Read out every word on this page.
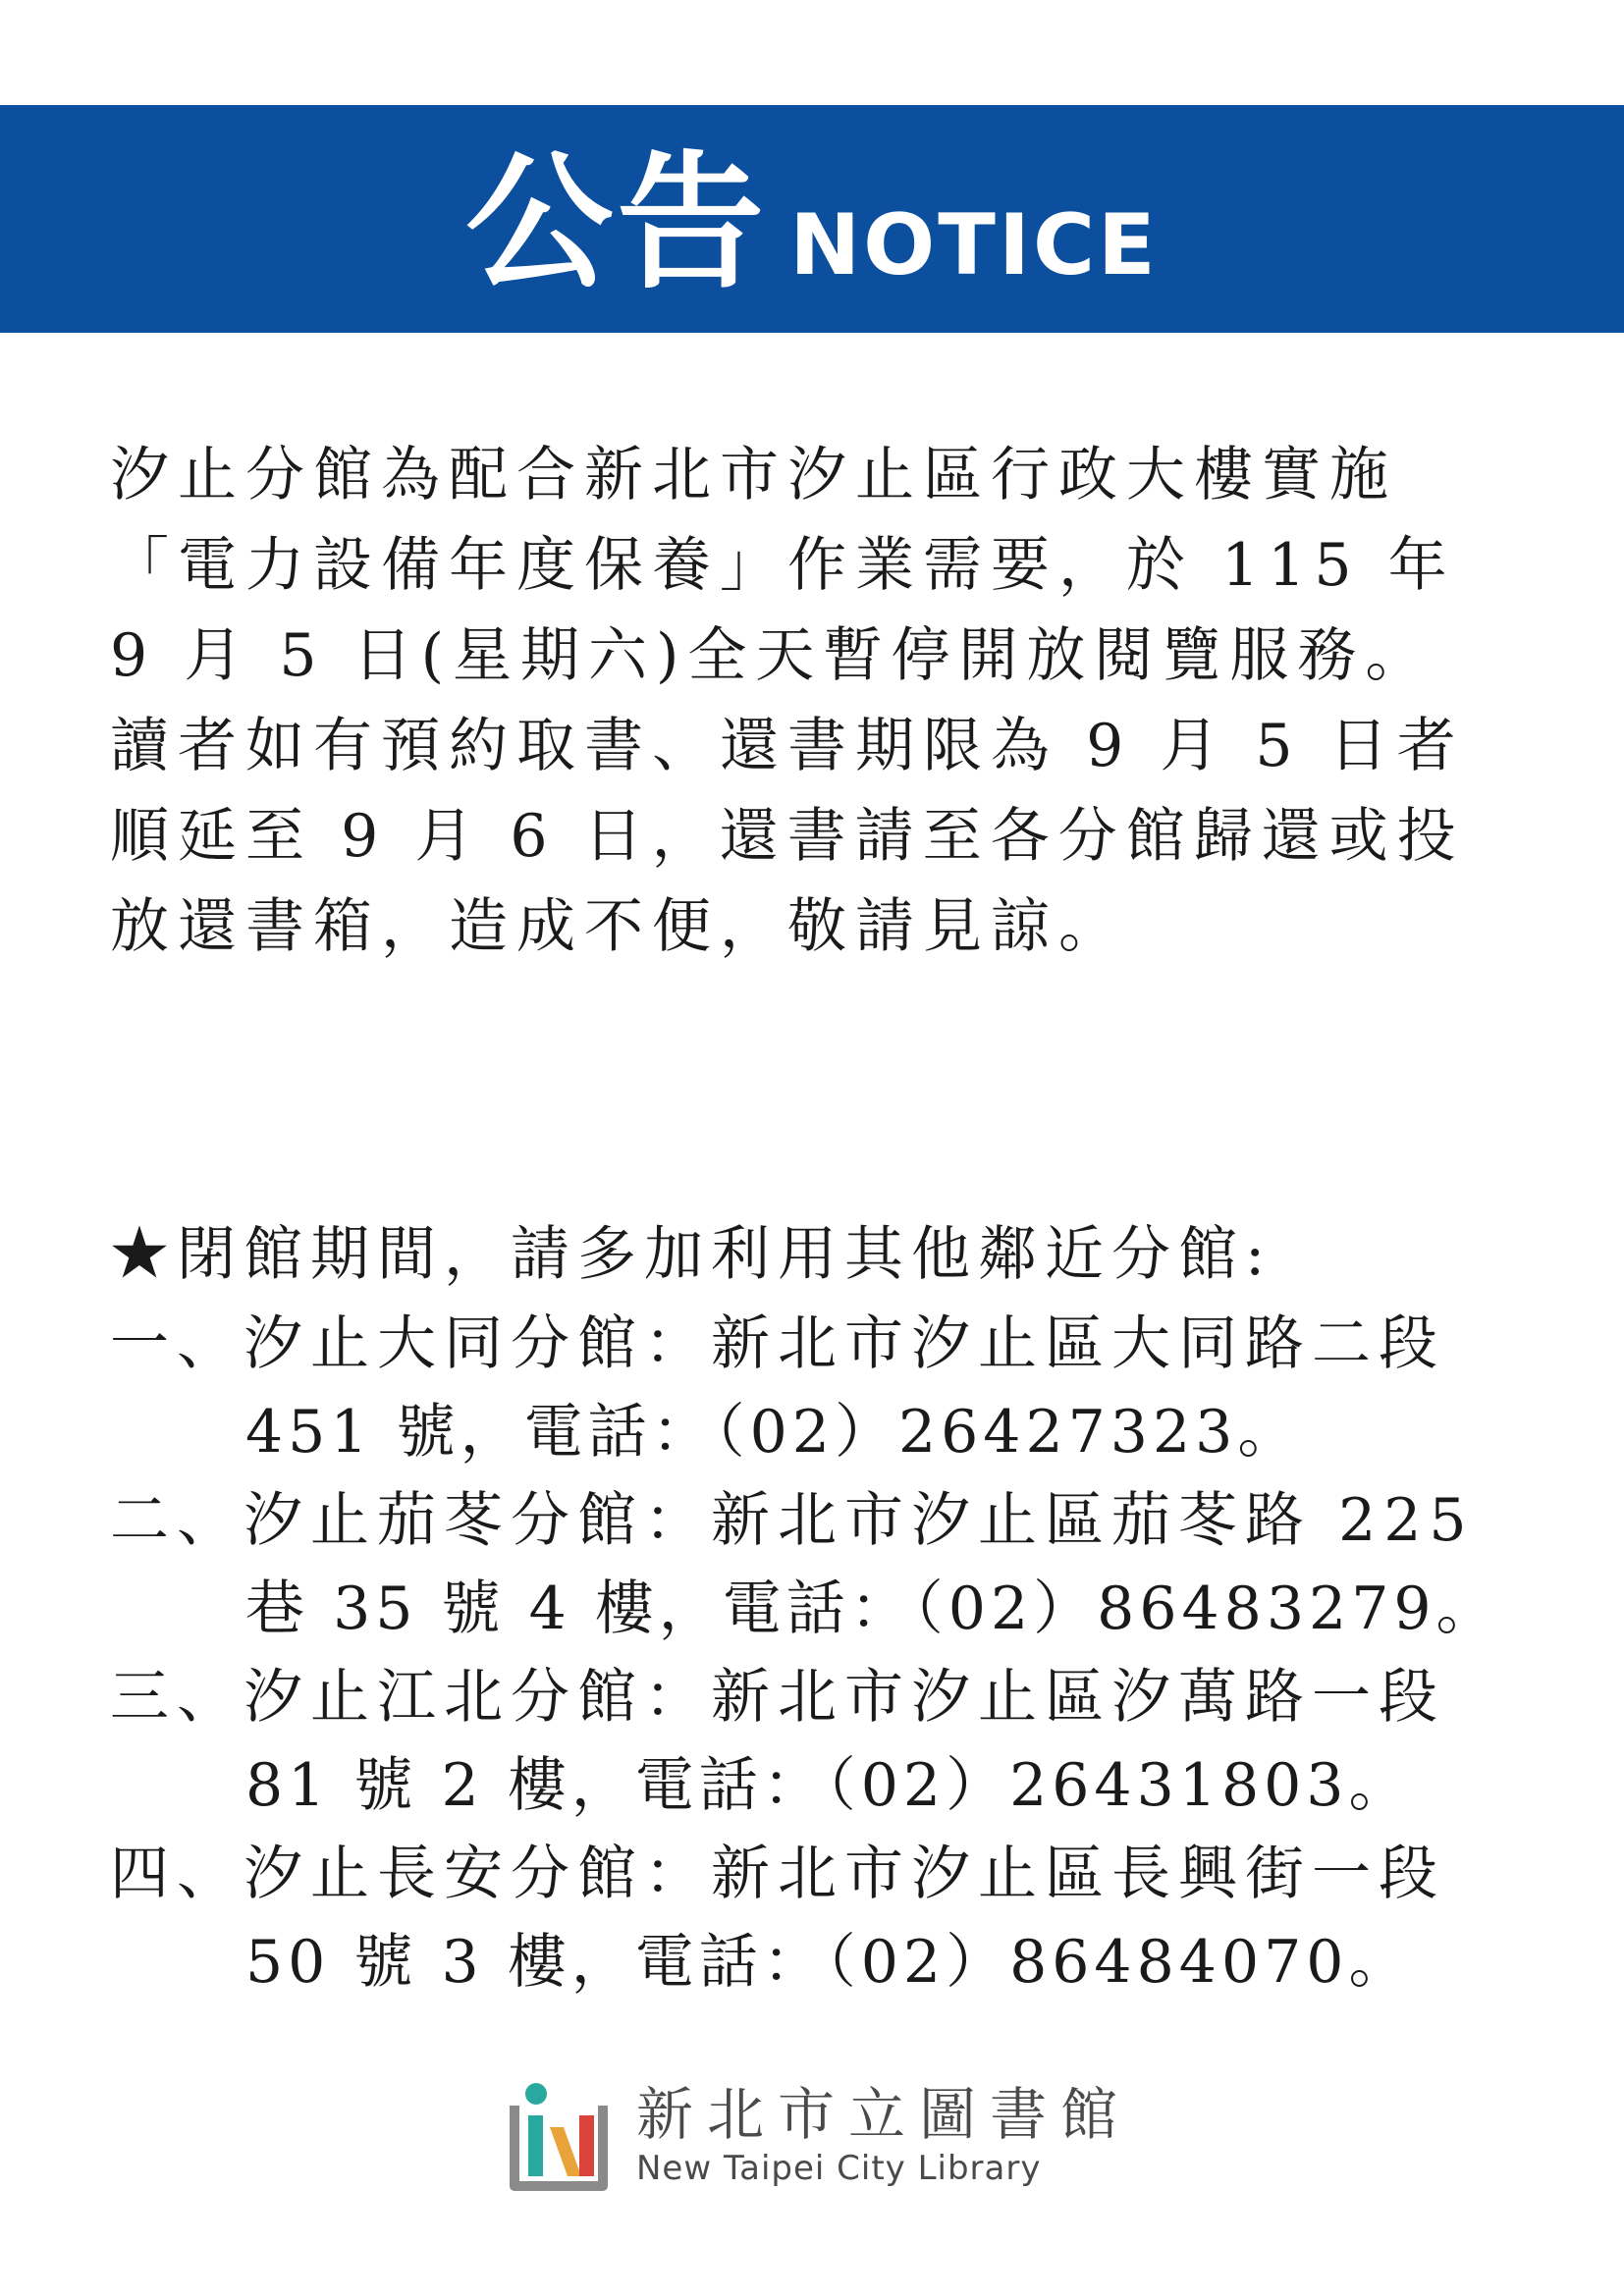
公告 NOTICE
汐止分館為配合新北市汐止區行政大樓實施
「電力設備年度保養」作業需要，於 115 年
9 月 5 日(星期六)全天暫停開放閱覽服務。
讀者如有預約取書、還書期限為 9 月 5 日者
順延至 9 月 6 日，還書請至各分館歸還或投
放還書箱，造成不便，敬請見諒。
★閉館期間，請多加利用其他鄰近分館:
一、汐止大同分館：新北市汐止區大同路二段
451 號，電話：（02）26427323。
二、汐止茄苳分館：新北市汐止區茄苳路 225
巷 35 號 4 樓，電話：（02）86483279。
三、汐止江北分館：新北市汐止區汐萬路一段
81 號 2 樓，電話：（02）26431803。
四、汐止長安分館：新北市汐止區長興街一段
50 號 3 樓，電話：（02）86484070。
新北市立圖書館
New Taipei City Library
